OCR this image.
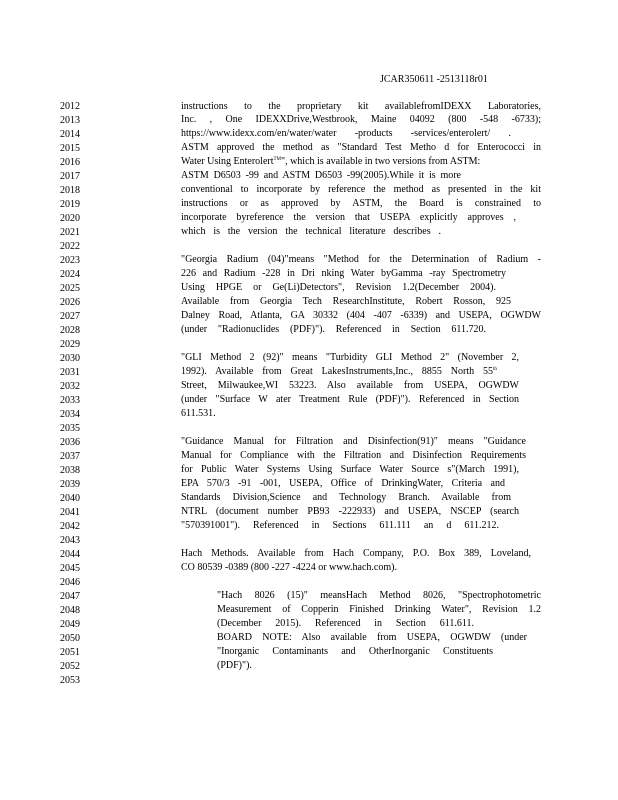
JCAR350611 -2513118r01
2012
2013
2014
2015
2016
2017
2018
2019
2020
2021
2022
2023
2024
2025
2026
2027
2028
2029
2030
2031
2032
2033
2034
2035
2036
2037
2038
2039
2040
2041
2042
2043
2044
2045
2046
2047
2048
2049
2050
2051
2052
2053
instructions to the proprietary kit availablefromIDEXX Laboratories,
Inc. , One IDEXXDrive,Westbrook, Maine 04092 (800 -548 -6733);
https://www.idexx.com/en/water/water -products -services/enterolert/ .
ASTM approved the method as "Standard Test Metho d for Enterococci in
Water Using Enterolert™", which is available in two versions from ASTM:
ASTM D6503 -99 and ASTM D6503 -99(2005).While it is more
conventional to incorporate by reference the method as presented in the kit
instructions or as approved by ASTM, the Board is constrained to
incorporate byreference the version that USEPA explicitly approves ,
which is the version the technical literature describes .
"Georgia Radium (04)"means "Method for the Determination of Radium -
226 and Radium -228 in Dri nking Water byGamma -ray Spectrometry
Using HPGE or Ge(Li)Detectors", Revision 1.2(December 2004).
Available from Georgia Tech ResearchInstitute, Robert Rosson, 925
Dalney Road, Atlanta, GA 30332 (404 -407 -6339) and USEPA, OGWDW
(under "Radionuclides (PDF)"). Referenced in Section 611.720.
"GLI Method 2 (92)" means "Turbidity GLI Method 2" (November 2,
1992). Available from Great LakesInstruments,Inc., 8855 North 55th
Street, Milwaukee,WI 53223. Also available from USEPA, OGWDW
(under "Surface W ater Treatment Rule (PDF)"). Referenced in Section
611.531.
"Guidance Manual for Filtration and Disinfection(91)" means "Guidance
Manual for Compliance with the Filtration and Disinfection Requirements
for Public Water Systems Using Surface Water Source s"(March 1991),
EPA 570/3 -91 -001, USEPA, Office of DrinkingWater, Criteria and
Standards Division,Science and Technology Branch. Available from
NTRL (document number PB93 -222933) and USEPA, NSCEP (search
"570391001"). Referenced in Sections 611.111 an d 611.212.
Hach Methods. Available from Hach Company, P.O. Box 389, Loveland,
CO 80539 -0389 (800 -227 -4224 or www.hach.com).
"Hach 8026 (15)" meansHach Method 8026, "Spectrophotometric
Measurement of Copperin Finished Drinking Water", Revision 1.2
(December 2015). Referenced in Section 611.611.
BOARD NOTE: Also available from USEPA, OGWDW (under
"Inorganic Contaminants and OtherInorganic Constituents
(PDF)").
